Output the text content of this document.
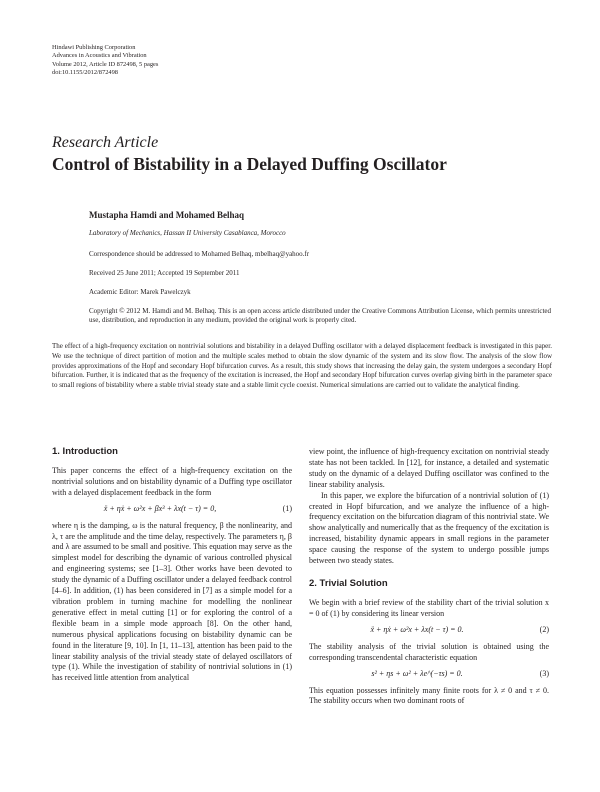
Hindawi Publishing Corporation
Advances in Acoustics and Vibration
Volume 2012, Article ID 872498, 5 pages
doi:10.1155/2012/872498
Research Article
Control of Bistability in a Delayed Duffing Oscillator
Mustapha Hamdi and Mohamed Belhaq
Laboratory of Mechanics, Hassan II University Casablanca, Morocco
Correspondence should be addressed to Mohamed Belhaq, mbelhaq@yahoo.fr
Received 25 June 2011; Accepted 19 September 2011
Academic Editor: Marek Pawelczyk
Copyright © 2012 M. Hamdi and M. Belhaq. This is an open access article distributed under the Creative Commons Attribution License, which permits unrestricted use, distribution, and reproduction in any medium, provided the original work is properly cited.
The effect of a high-frequency excitation on nontrivial solutions and bistability in a delayed Duffing oscillator with a delayed displacement feedback is investigated in this paper. We use the technique of direct partition of motion and the multiple scales method to obtain the slow dynamic of the system and its slow flow. The analysis of the slow flow provides approximations of the Hopf and secondary Hopf bifurcation curves. As a result, this study shows that increasing the delay gain, the system undergoes a secondary Hopf bifurcation. Further, it is indicated that as the frequency of the excitation is increased, the Hopf and secondary Hopf bifurcation curves overlap giving birth in the parameter space to small regions of bistability where a stable trivial steady state and a stable limit cycle coexist. Numerical simulations are carried out to validate the analytical finding.
1. Introduction

This paper concerns the effect of a high-frequency excitation on the nontrivial solutions and on bistability dynamic of a Duffing type oscillator with a delayed displacement feedback in the form

ẍ + ηẋ + ω²x + βx³ + λx(t − τ) = 0,	(1)

where η is the damping, ω is the natural frequency, β the nonlinearity, and λ, τ are the amplitude and the time delay, respectively. The parameters η, β and λ are assumed to be small and positive. This equation may serve as the simplest model for describing the dynamic of various controlled physical and engineering systems; see [1–3]. Other works have been devoted to study the dynamic of a Duffing oscillator under a delayed feedback control [4–6]. In addition, (1) has been considered in [7] as a simple model for a vibration problem in turning machine for modelling the nonlinear generative effect in metal cutting [1] or for exploring the control of a flexible beam in a simple mode approach [8]. On the other hand, numerous physical applications focusing on bistability dynamic can be found in the literature [9, 10]. In [1, 11–13], attention has been paid to the linear stability analysis of the trivial steady state of delayed oscillators of type (1). While the investigation of stability of nontrivial solutions in (1) has received little attention from analytical

view point, the influence of high-frequency excitation on nontrivial steady state has not been tackled. In [12], for instance, a detailed and systematic study on the dynamic of a delayed Duffing oscillator was confined to the linear stability analysis.

In this paper, we explore the bifurcation of a nontrivial solution of (1) created in Hopf bifurcation, and we analyze the influence of a high-frequency excitation on the bifurcation diagram of this nontrivial state. We show analytically and numerically that as the frequency of the excitation is increased, bistability dynamic appears in small regions in the parameter space causing the response of the system to undergo possible jumps between two steady states.

2. Trivial Solution

We begin with a brief review of the stability chart of the trivial solution x = 0 of (1) by considering its linear version

ẍ + ηẋ + ω²x + λx(t − τ) = 0.	(2)

The stability analysis of the trivial solution is obtained using the corresponding transcendental characteristic equation

s² + ηs + ω² + λe^(−τs) = 0.	(3)

This equation possesses infinitely many finite roots for λ ≠ 0 and τ ≠ 0. The stability occurs when two dominant roots of
